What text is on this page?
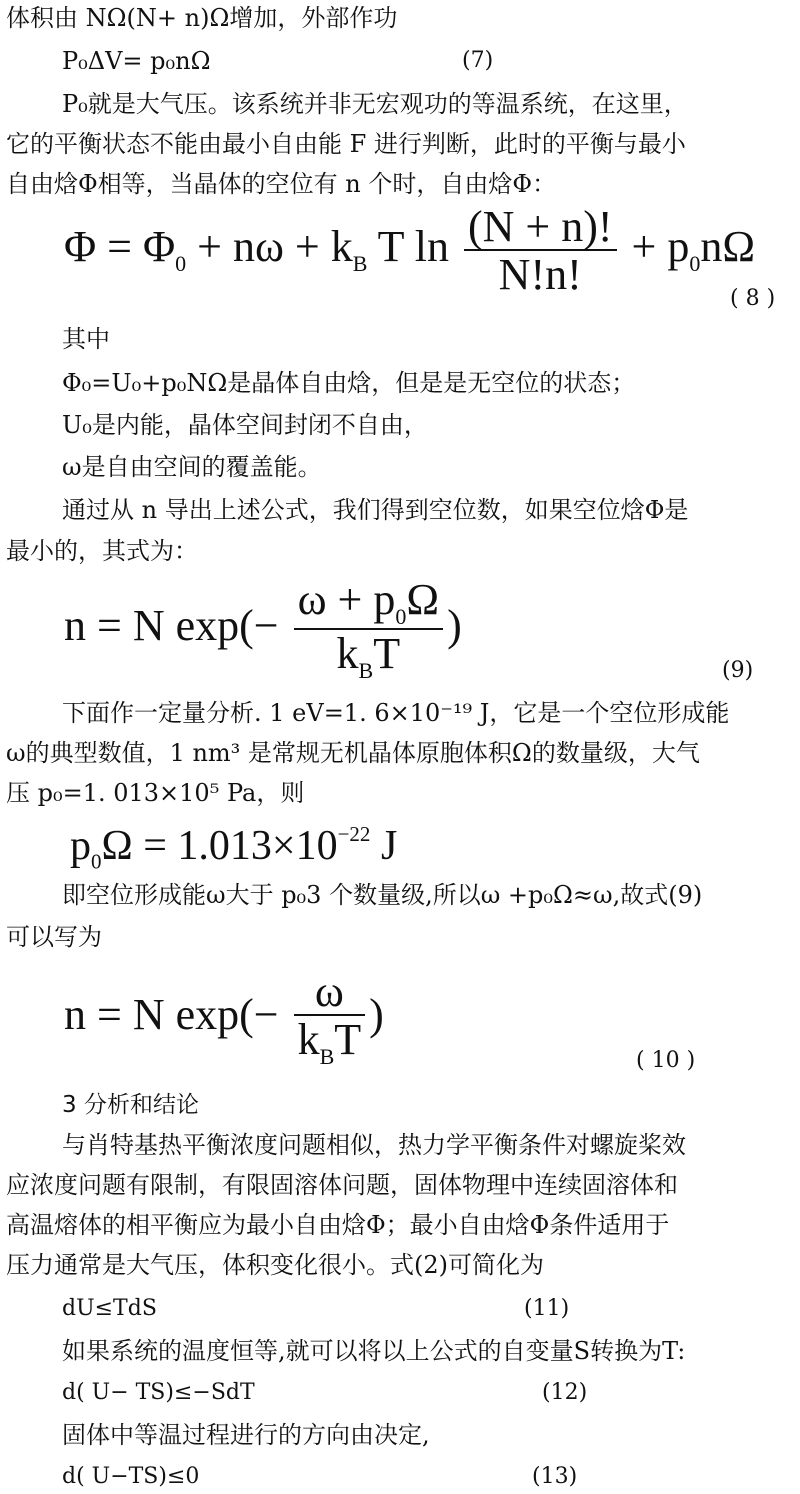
体积由 NΩ(N+ n)Ω增加，外部作功
P₀ΔV= p₀nΩ	(7)
P₀就是大气压。该系统并非无宏观功的等温系统，在这里，
它的平衡状态不能由最小自由能 F 进行判断，此时的平衡与最小
自由焓Φ相等，当晶体的空位有 n 个时，自由焓Φ：
$\Phi = \Phi_0 + n\omega + k_B$ T $\ln \frac{(N + n)!}{N!n!} + p_0n\Omega$
( 8 )
其中
Φ₀=U₀+p₀NΩ是晶体自由焓，但是是无空位的状态；
U₀是内能，晶体空间封闭不自由，
ω是自由空间的覆盖能。
通过从 n 导出上述公式，我们得到空位数，如果空位焓Φ是
最小的，其式为：
n = N $\exp(- \frac{\omega + p_0\Omega}{k_BT}$ )
(9)
下面作一定量分析. 1 eV=1. 6×10⁻¹⁹ J，它是一个空位形成能
ω的典型数值，1 nm³ 是常规无机晶体原胞体积Ω的数量级，大气
压 p₀=1. 013×10⁵ Pa，则
$p_0\Omega = 1.013\times 10^{-22}$ J
即空位形成能ω大于 p₀3 个数量级,所以ω +p₀Ω≈ω,故式(9)
可以写为
n = N $\exp(- \frac{\omega}{k_BT}$ )
( 10 )
3 分析和结论
与肖特基热平衡浓度问题相似，热力学平衡条件对螺旋桨效
应浓度问题有限制，有限固溶体问题，固体物理中连续固溶体和
高温熔体的相平衡应为最小自由焓Φ；最小自由焓Φ条件适用于
压力通常是大气压，体积变化很小。式(2)可简化为
dU≤TdS	(11)
如果系统的温度恒等,就可以将以上公式的自变量S转换为T:
d( U− TS)≤−SdT	(12)
固体中等温过程进行的方向由决定,
d( U−TS)≤0	(13)
